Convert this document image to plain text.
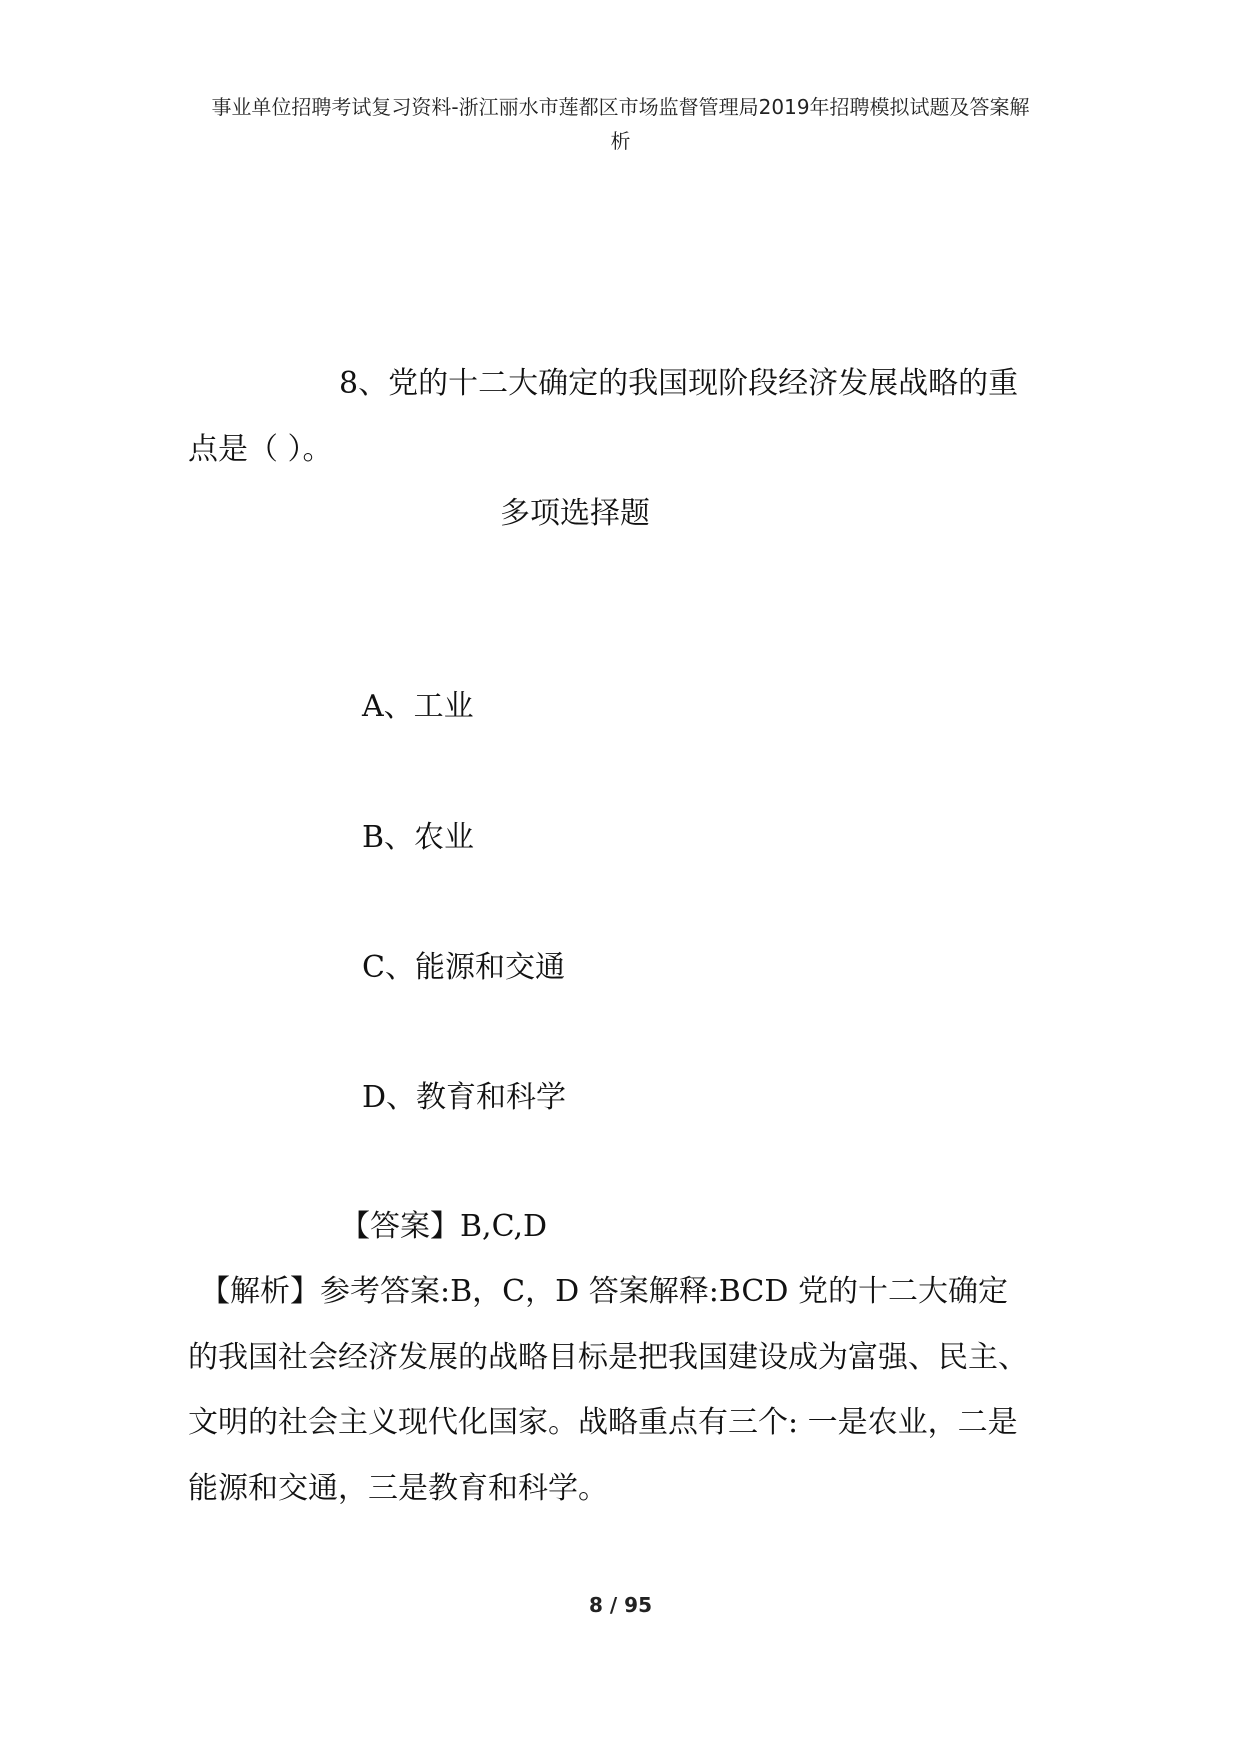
事业单位招聘考试复习资料-浙江丽水市莲都区市场监督管理局2019年招聘模拟试题及答案解
析
8、党的十二大确定的我国现阶段经济发展战略的重
点是（ ）。
多项选择题
A、工业
B、农业
C、能源和交通
D、教育和科学
【答案】B,C,D
【解析】参考答案:B，C，D 答案解释:BCD 党的十二大确定
的我国社会经济发展的战略目标是把我国建设成为富强、民主、
文明的社会主义现代化国家。战略重点有三个: 一是农业，二是
能源和交通，三是教育和科学。
8 / 95
